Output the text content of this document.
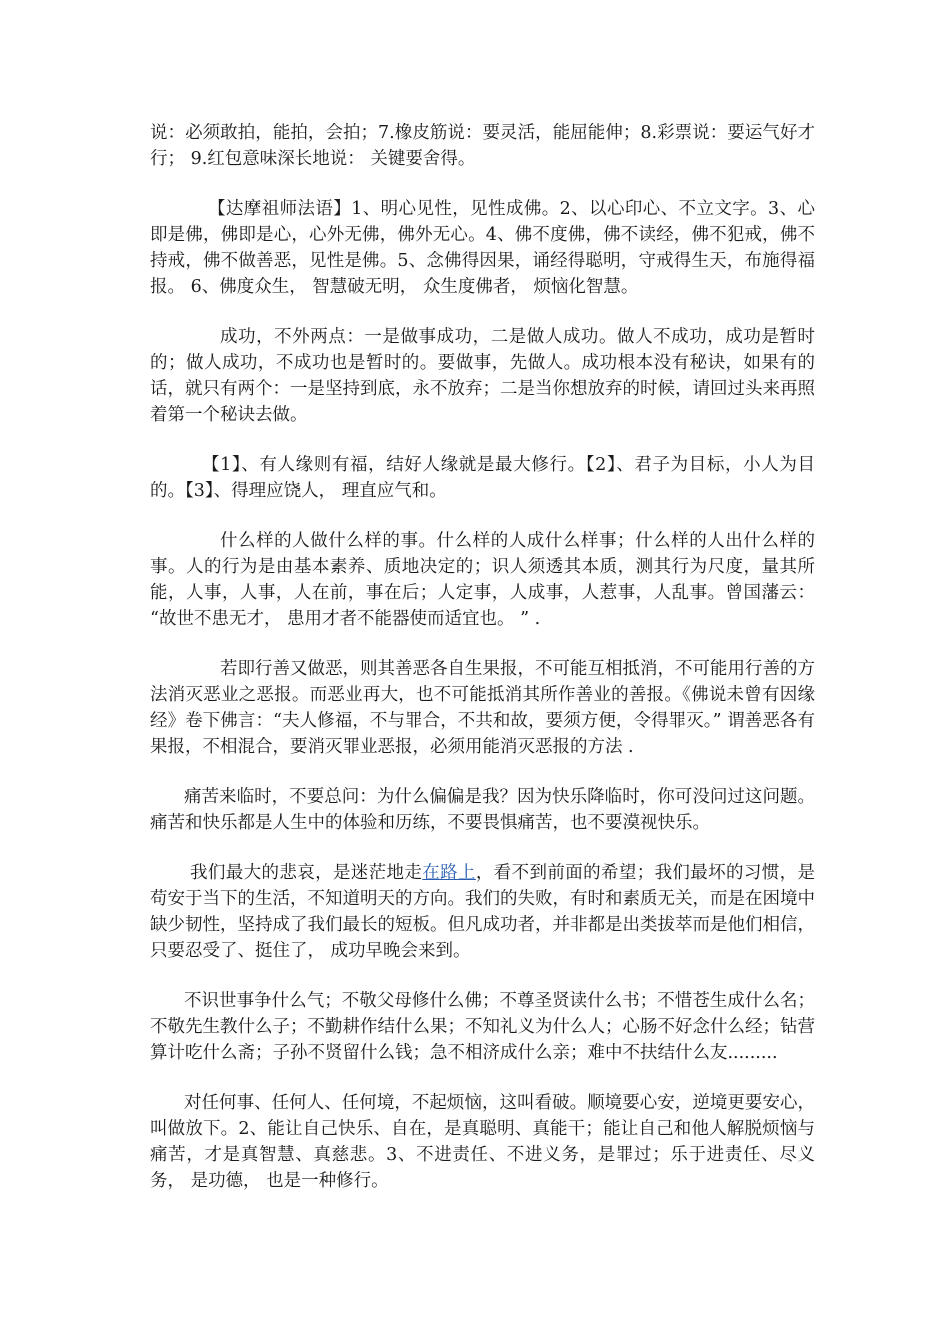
说：必须敢拍，能拍，会拍；7.橡皮筋说：要灵活，能屈能伸；8.彩票说：要运气好才行； 9.红包意味深长地说： 关键要舍得。

【达摩祖师法语】1、明心见性，见性成佛。2、以心印心、不立文字。3、心即是佛，佛即是心，心外无佛，佛外无心。4、佛不度佛，佛不读经，佛不犯戒，佛不持戒，佛不做善恶，见性是佛。5、念佛得因果，诵经得聪明，守戒得生天，布施得福报。 6、佛度众生， 智慧破无明， 众生度佛者， 烦恼化智慧。

成功，不外两点：一是做事成功，二是做人成功。做人不成功，成功是暂时的；做人成功，不成功也是暂时的。要做事，先做人。成功根本没有秘诀，如果有的话，就只有两个：一是坚持到底，永不放弃；二是当你想放弃的时候，请回过头来再照着第一个秘诀去做。

【1】、有人缘则有福，结好人缘就是最大修行。【2】、君子为目标，小人为目的。【3】、得理应饶人， 理直应气和。

什么样的人做什么样的事。什么样的人成什么样事；什么样的人出什么样的事。人的行为是由基本素养、质地决定的；识人须透其本质，测其行为尺度，量其所能，人事，人事，人在前，事在后；人定事，人成事，人惹事，人乱事。曾国藩云： “故世不患无才， 患用才者不能器使而适宜也。 ” .

若即行善又做恶，则其善恶各自生果报，不可能互相抵消，不可能用行善的方法消灭恶业之恶报。而恶业再大，也不可能抵消其所作善业的善报。《佛说未曾有因缘经》卷下佛言：“夫人修福，不与罪合，不共和故，要须方便，令得罪灭。” 谓善恶各有果报，不相混合，要消灭罪业恶报，必须用能消灭恶报的方法 .

痛苦来临时，不要总问：为什么偏偏是我？因为快乐降临时，你可没问过这问题。痛苦和快乐都是人生中的体验和历练，不要畏惧痛苦，也不要漠视快乐。

我们最大的悲哀，是迷茫地走在路上，看不到前面的希望；我们最坏的习惯，是苟安于当下的生活，不知道明天的方向。我们的失败，有时和素质无关，而是在困境中缺少韧性，坚持成了我们最长的短板。但凡成功者，并非都是出类拔萃而是他们相信， 只要忍受了、挺住了， 成功早晚会来到。

不识世事争什么气；不敬父母修什么佛；不尊圣贤读什么书；不惜苍生成什么名；不敬先生教什么子；不勤耕作结什么果；不知礼义为什么人；心肠不好念什么经；钻营算计吃什么斋；子孙不贤留什么钱；急不相济成什么亲；难中不扶结什么友.........

对任何事、任何人、任何境，不起烦恼，这叫看破。顺境要心安，逆境更要安心，叫做放下。2、能让自己快乐、自在，是真聪明、真能干；能让自己和他人解脱烦恼与痛苦，才是真智慧、真慈悲。3、不进责任、不进义务，是罪过；乐于进责任、尽义务， 是功德， 也是一种修行。
